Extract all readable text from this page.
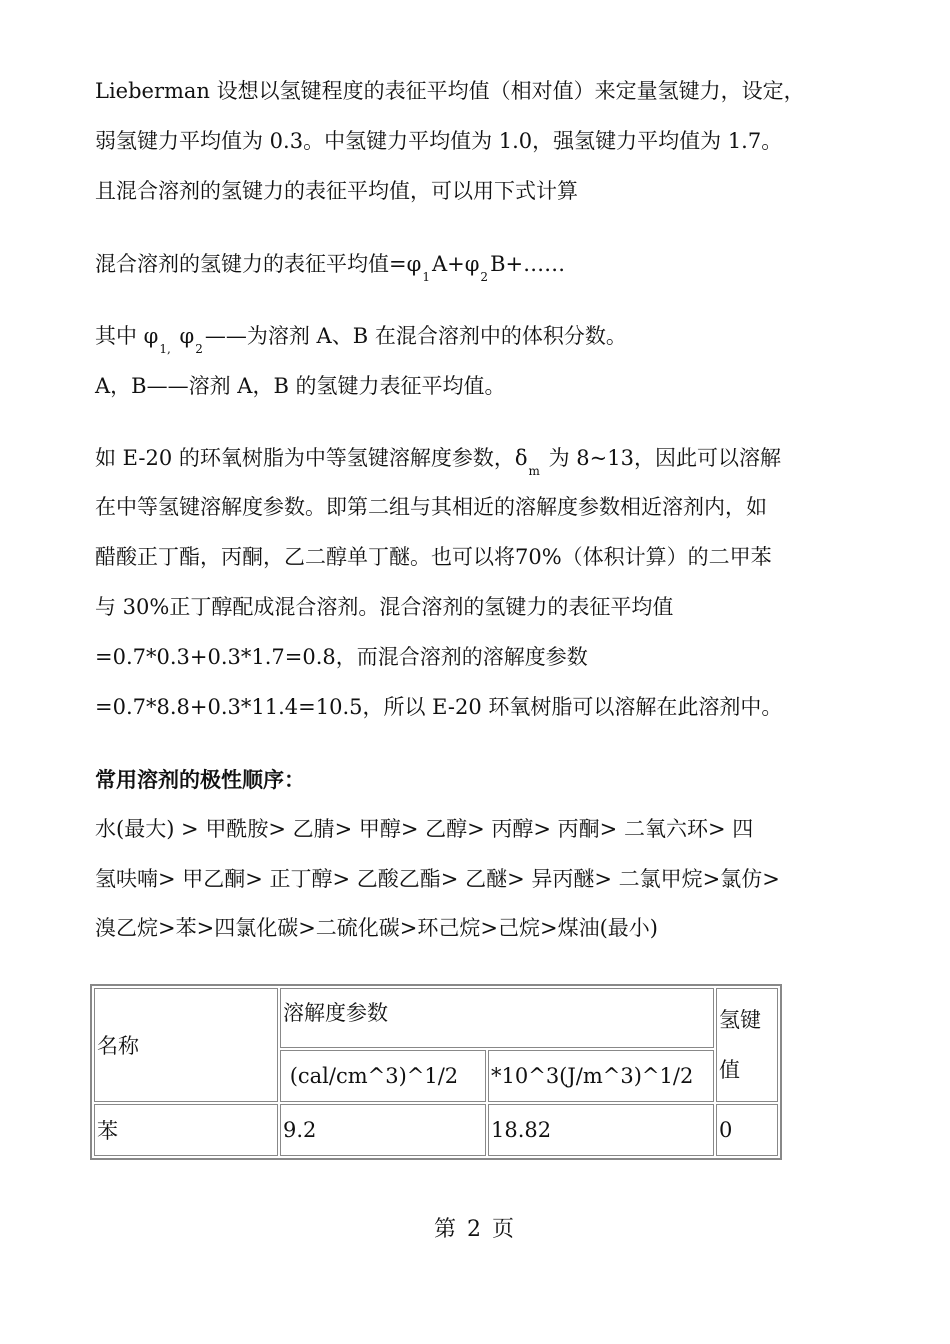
Lieberman 设想以氢键程度的表征平均值（相对值）来定量氢键力，设定，
弱氢键力平均值为 0.3。中氢键力平均值为 1.0，强氢键力平均值为 1.7。
且混合溶剂的氢键力的表征平均值，可以用下式计算
混合溶剂的氢键力的表征平均值$=\varphi_1A+\varphi_2B+\dots\dots$
其中 $\varphi_{1,}$ $\varphi_2——$为溶剂 A、B 在混合溶剂中的体积分数。
A，B——溶剂 A，B 的氢键力表征平均值。
如 E-20 的环氧树脂为中等氢键溶解度参数，$\delta_m$ 为 8~13，因此可以溶解
在中等氢键溶解度参数。即第二组与其相近的溶解度参数相近溶剂内，如
醋酸正丁酯，丙酮，乙二醇单丁醚。也可以将70%（体积计算）的二甲苯
与 30%正丁醇配成混合溶剂。混合溶剂的氢键力的表征平均值
=0.7*0.3+0.3*1.7=0.8，而混合溶剂的溶解度参数
=0.7*8.8+0.3*11.4=10.5，所以 E-20 环氧树脂可以溶解在此溶剂中。
常用溶剂的极性顺序：
水(最大) > 甲酰胺> 乙腈> 甲醇> 乙醇> 丙醇> 丙酮> 二氧六环> 四
氢呋喃> 甲乙酮> 正丁醇> 乙酸乙酯> 乙醚> 异丙醚> 二氯甲烷>氯仿>
溴乙烷>苯>四氯化碳>二硫化碳>环己烷>己烷>煤油(最小)
名称	溶解度参数		氢键值
	(cal/cm^3)^1/2	*10^3(J/m^3)^1/2	
苯	9.2	18.82	0
第 2 页
